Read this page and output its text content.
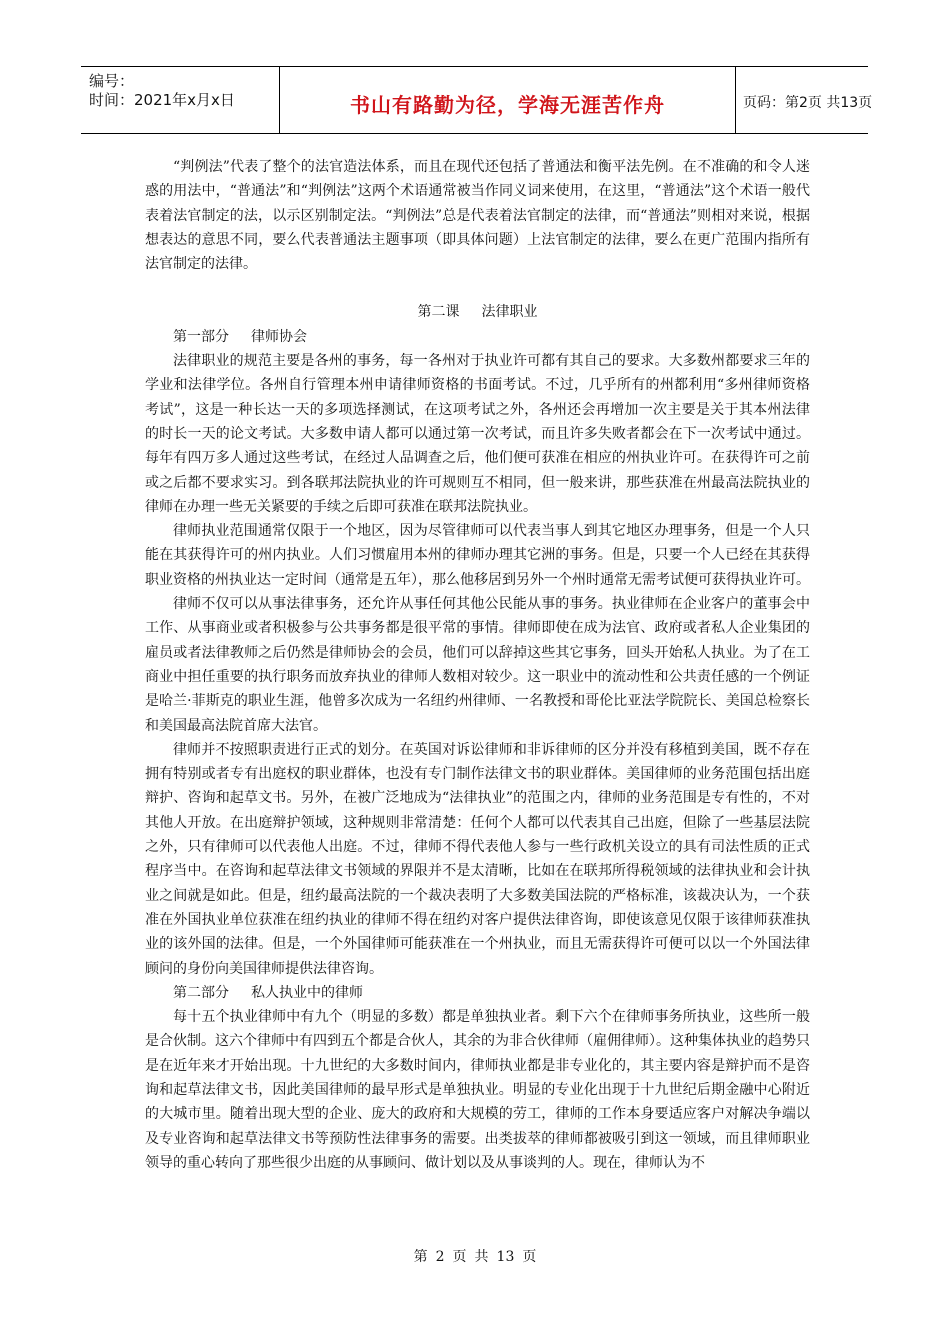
编号：
时间：2021年x月x日	书山有路勤为径，学海无涯苦作舟	页码：第2页 共13页

“判例法”代表了整个的法官造法体系，而且在现代还包括了普通法和衡平法先例。在不准确的和令人迷惑的用法中，“普通法”和“判例法”这两个术语通常被当作同义词来使用，在这里，“普通法”这个术语一般代表着法官制定的法，以示区别制定法。“判例法”总是代表着法官制定的法律，而“普通法”则相对来说，根据想表达的意思不同，要么代表普通法主题事项（即具体问题）上法官制定的法律，要么在更广范围内指所有法官制定的法律。

第二课 法律职业

第一部分 律师协会

法律职业的规范主要是各州的事务，每一各州对于执业许可都有其自己的要求。大多数州都要求三年的学业和法律学位。各州自行管理本州申请律师资格的书面考试。不过，几乎所有的州都利用“多州律师资格考试”，这是一种长达一天的多项选择测试，在这项考试之外，各州还会再增加一次主要是关于其本州法律的时长一天的论文考试。大多数申请人都可以通过第一次考试，而且许多失败者都会在下一次考试中通过。每年有四万多人通过这些考试，在经过人品调查之后，他们便可获准在相应的州执业许可。在获得许可之前或之后都不要求实习。到各联邦法院执业的许可规则互不相同，但一般来讲，那些获准在州最高法院执业的律师在办理一些无关紧要的手续之后即可获准在联邦法院执业。

律师执业范围通常仅限于一个地区，因为尽管律师可以代表当事人到其它地区办理事务，但是一个人只能在其获得许可的州内执业。人们习惯雇用本州的律师办理其它洲的事务。但是，只要一个人已经在其获得职业资格的州执业达一定时间（通常是五年），那么他移居到另外一个州时通常无需考试便可获得执业许可。

律师不仅可以从事法律事务，还允许从事任何其他公民能从事的事务。执业律师在企业客户的董事会中工作、从事商业或者积极参与公共事务都是很平常的事情。律师即使在成为法官、政府或者私人企业集团的雇员或者法律教师之后仍然是律师协会的会员，他们可以辞掉这些其它事务，回头开始私人执业。为了在工商业中担任重要的执行职务而放弃执业的律师人数相对较少。这一职业中的流动性和公共责任感的一个例证是哈兰·菲斯克的职业生涯，他曾多次成为一名纽约州律师、一名教授和哥伦比亚法学院院长、美国总检察长和美国最高法院首席大法官。

律师并不按照职责进行正式的划分。在英国对诉讼律师和非诉律师的区分并没有移植到美国，既不存在拥有特别或者专有出庭权的职业群体，也没有专门制作法律文书的职业群体。美国律师的业务范围包括出庭辩护、咨询和起草文书。另外，在被广泛地成为“法律执业”的范围之内，律师的业务范围是专有性的，不对其他人开放。在出庭辩护领域，这种规则非常清楚：任何个人都可以代表其自己出庭，但除了一些基层法院之外，只有律师可以代表他人出庭。不过，律师不得代表他人参与一些行政机关设立的具有司法性质的正式程序当中。在咨询和起草法律文书领域的界限并不是太清晰，比如在在联邦所得税领域的法律执业和会计执业之间就是如此。但是，纽约最高法院的一个裁决表明了大多数美国法院的严格标准，该裁决认为，一个获准在外国执业单位获准在纽约执业的律师不得在纽约对客户提供法律咨询，即使该意见仅限于该律师获准执业的该外国的法律。但是，一个外国律师可能获准在一个州执业，而且无需获得许可便可以以一个外国法律顾问的身份向美国律师提供法律咨询。

第二部分 私人执业中的律师

每十五个执业律师中有九个（明显的多数）都是单独执业者。剩下六个在律师事务所执业，这些所一般是合伙制。这六个律师中有四到五个都是合伙人，其余的为非合伙律师（雇佣律师）。这种集体执业的趋势只是在近年来才开始出现。十九世纪的大多数时间内，律师执业都是非专业化的，其主要内容是辩护而不是咨询和起草法律文书，因此美国律师的最早形式是单独执业。明显的专业化出现于十九世纪后期金融中心附近的大城市里。随着出现大型的企业、庞大的政府和大规模的劳工，律师的工作本身要适应客户对解决争端以及专业咨询和起草法律文书等预防性法律事务的需要。出类拔萃的律师都被吸引到这一领域，而且律师职业领导的重心转向了那些很少出庭的从事顾问、做计划以及从事谈判的人。现在，律师认为不

第 2 页 共 13 页
